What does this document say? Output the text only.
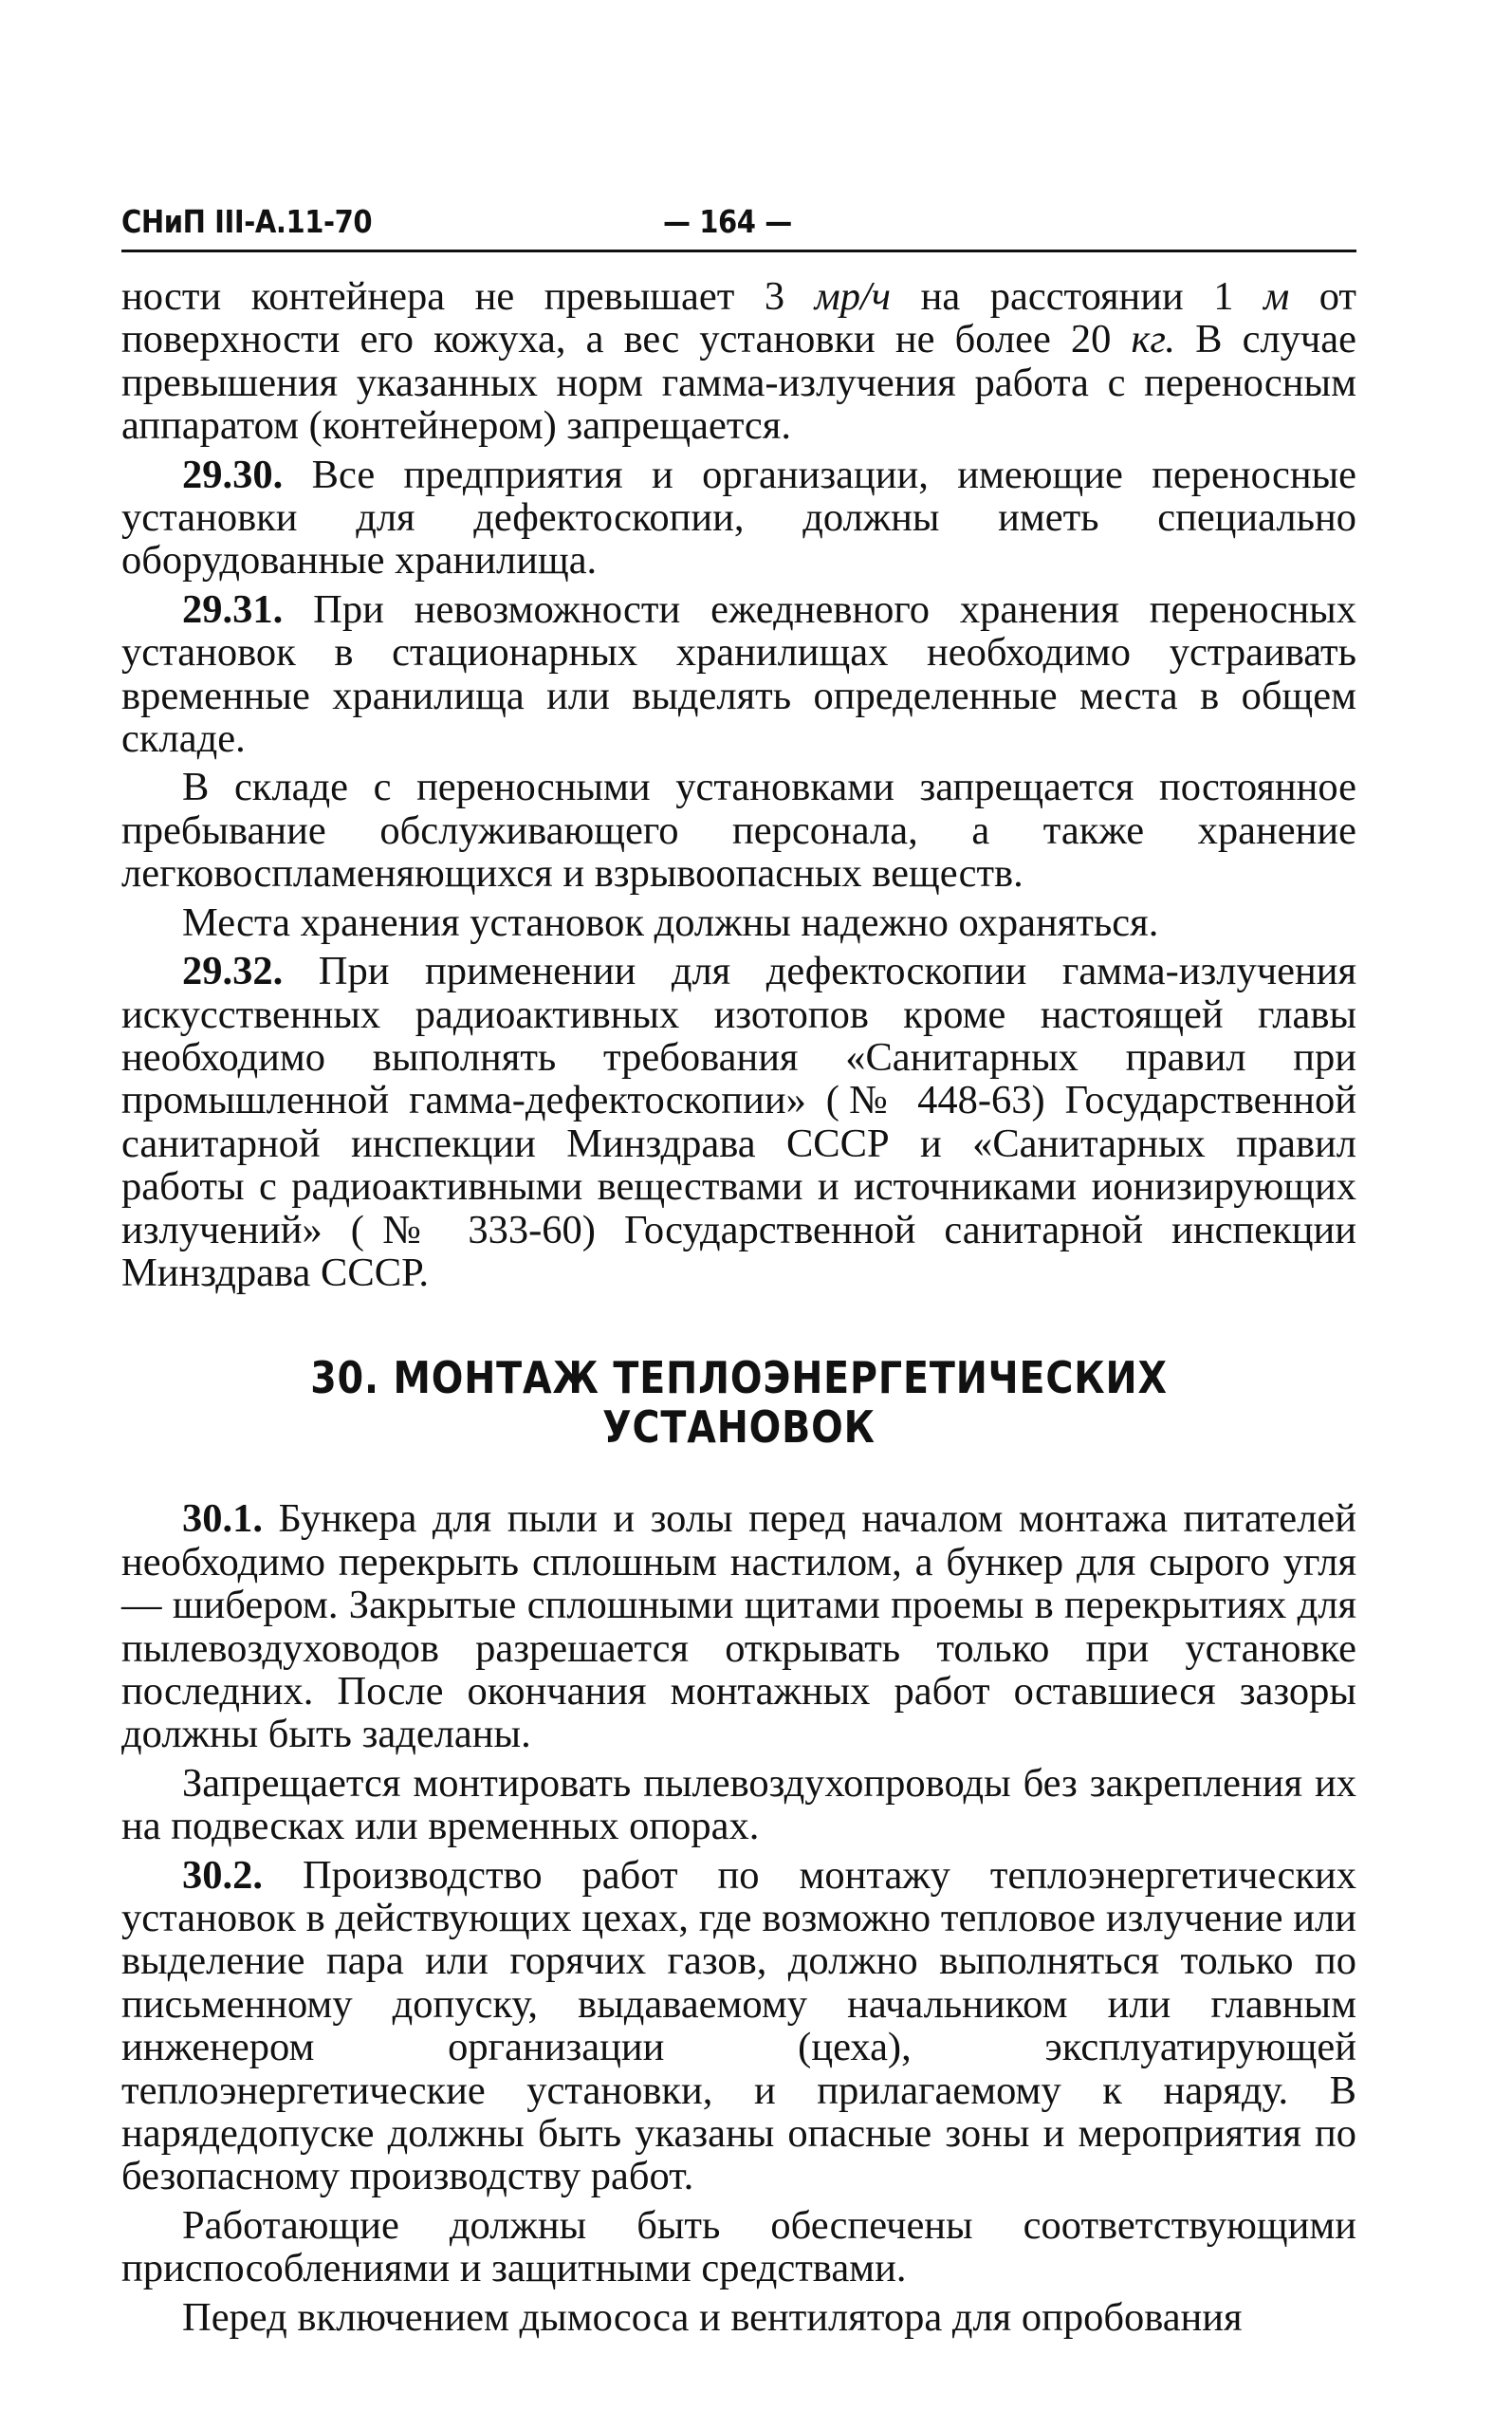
СНиП III-А.11-70	— 164 —

ности контейнера не превышает 3 мр/ч на расстоянии 1 м от поверхности его кожуха, а вес установки не более 20 кг. В случае превышения указанных норм гамма-излучения работа с переносным аппаратом (контейнером) запрещается.

29.30. Все предприятия и организации, имеющие переносные установки для дефектоскопии, должны иметь специально оборудованные хранилища.

29.31. При невозможности ежедневного хранения переносных установок в стационарных хранилищах необходимо устраивать временные хранилища или выделять определенные места в общем складе.

В складе с переносными установками запрещается постоянное пребывание обслуживающего персонала, а также хранение легковоспламеняющихся и взрывоопасных веществ.

Места хранения установок должны надежно охраняться.

29.32. При применении для дефектоскопии гамма-излучения искусственных радиоактивных изотопов кроме настоящей главы необходимо выполнять требования «Санитарных правил при промышленной гамма-дефектоскопии» (№ 448-63) Государственной санитарной инспекции Минздрава СССР и «Санитарных правил работы с радиоактивными веществами и источниками ионизирующих излучений» (№ 333-60) Государственной санитарной инспекции Минздрава СССР.

30. МОНТАЖ ТЕПЛОЭНЕРГЕТИЧЕСКИХ УСТАНОВОК

30.1. Бункера для пыли и золы перед началом монтажа питателей необходимо перекрыть сплошным настилом, а бункер для сырого угля — шибером. Закрытые сплошными щитами проемы в перекрытиях для пылевоздуховодов разрешается открывать только при установке последних. После окончания монтажных работ оставшиеся зазоры должны быть заделаны.

Запрещается монтировать пылевоздухопроводы без закрепления их на подвесках или временных опорах.

30.2. Производство работ по монтажу теплоэнергетических установок в действующих цехах, где возможно тепловое излучение или выделение пара или горячих газов, должно выполняться только по письменному допуску, выдаваемому начальником или главным инженером организации (цеха), эксплуатирующей теплоэнергетические установки, и прилагаемому к наряду. В нарядедопуске должны быть указаны опасные зоны и мероприятия по безопасному производству работ.

Работающие должны быть обеспечены соответствующими приспособлениями и защитными средствами.

Перед включением дымососа и вентилятора для опробования
